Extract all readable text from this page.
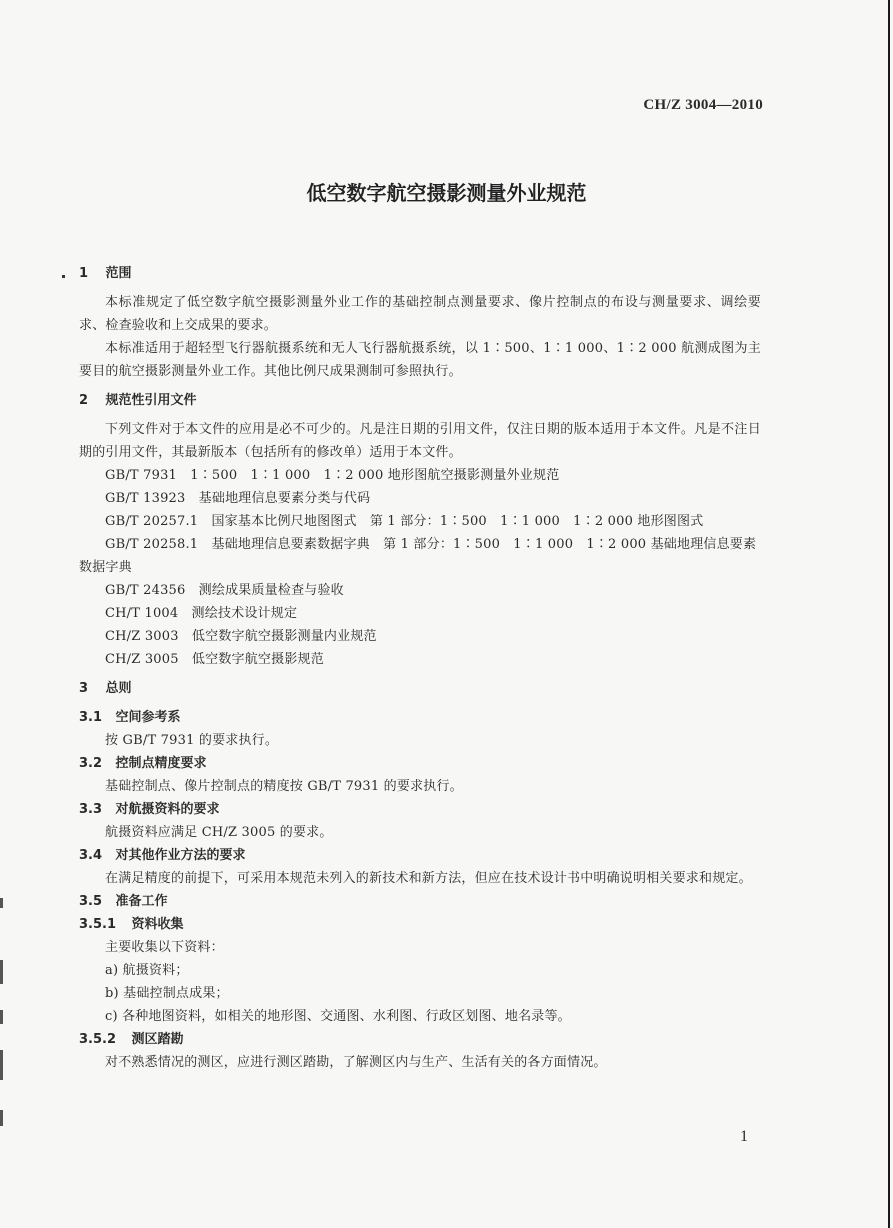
CH/Z 3004—2010
低空数字航空摄影测量外业规范
1 范围

本标准规定了低空数字航空摄影测量外业工作的基础控制点测量要求、像片控制点的布设与测量要求、调绘要求、检查验收和上交成果的要求。

本标准适用于超轻型飞行器航摄系统和无人飞行器航摄系统，以 1∶500、1∶1 000、1∶2 000 航测成图为主要目的航空摄影测量外业工作。其他比例尺成果测制可参照执行。

2 规范性引用文件

下列文件对于本文件的应用是必不可少的。凡是注日期的引用文件，仅注日期的版本适用于本文件。凡是不注日期的引用文件，其最新版本（包括所有的修改单）适用于本文件。

GB/T 7931　1∶500　1∶1 000　1∶2 000 地形图航空摄影测量外业规范

GB/T 13923　基础地理信息要素分类与代码

GB/T 20257.1　国家基本比例尺地图图式　第 1 部分：1∶500　1∶1 000　1∶2 000 地形图图式

GB/T 20258.1　基础地理信息要素数据字典　第 1 部分：1∶500　1∶1 000　1∶2 000 基础地理信息要素数据字典

GB/T 24356　测绘成果质量检查与验收

CH/T 1004　测绘技术设计规定

CH/Z 3003　低空数字航空摄影测量内业规范

CH/Z 3005　低空数字航空摄影规范

3 总则
3.1 空间参考系

按 GB/T 7931 的要求执行。

3.2 控制点精度要求

基础控制点、像片控制点的精度按 GB/T 7931 的要求执行。

3.3 对航摄资料的要求

航摄资料应满足 CH/Z 3005 的要求。

3.4 对其他作业方法的要求

在满足精度的前提下，可采用本规范未列入的新技术和新方法，但应在技术设计书中明确说明相关要求和规定。

3.5 准备工作
3.5.1 资料收集

主要收集以下资料：

a) 航摄资料；

b) 基础控制点成果；

c) 各种地图资料，如相关的地形图、交通图、水利图、行政区划图、地名录等。

3.5.2 测区踏勘

对不熟悉情况的测区，应进行测区踏勘，了解测区内与生产、生活有关的各方面情况。

1
